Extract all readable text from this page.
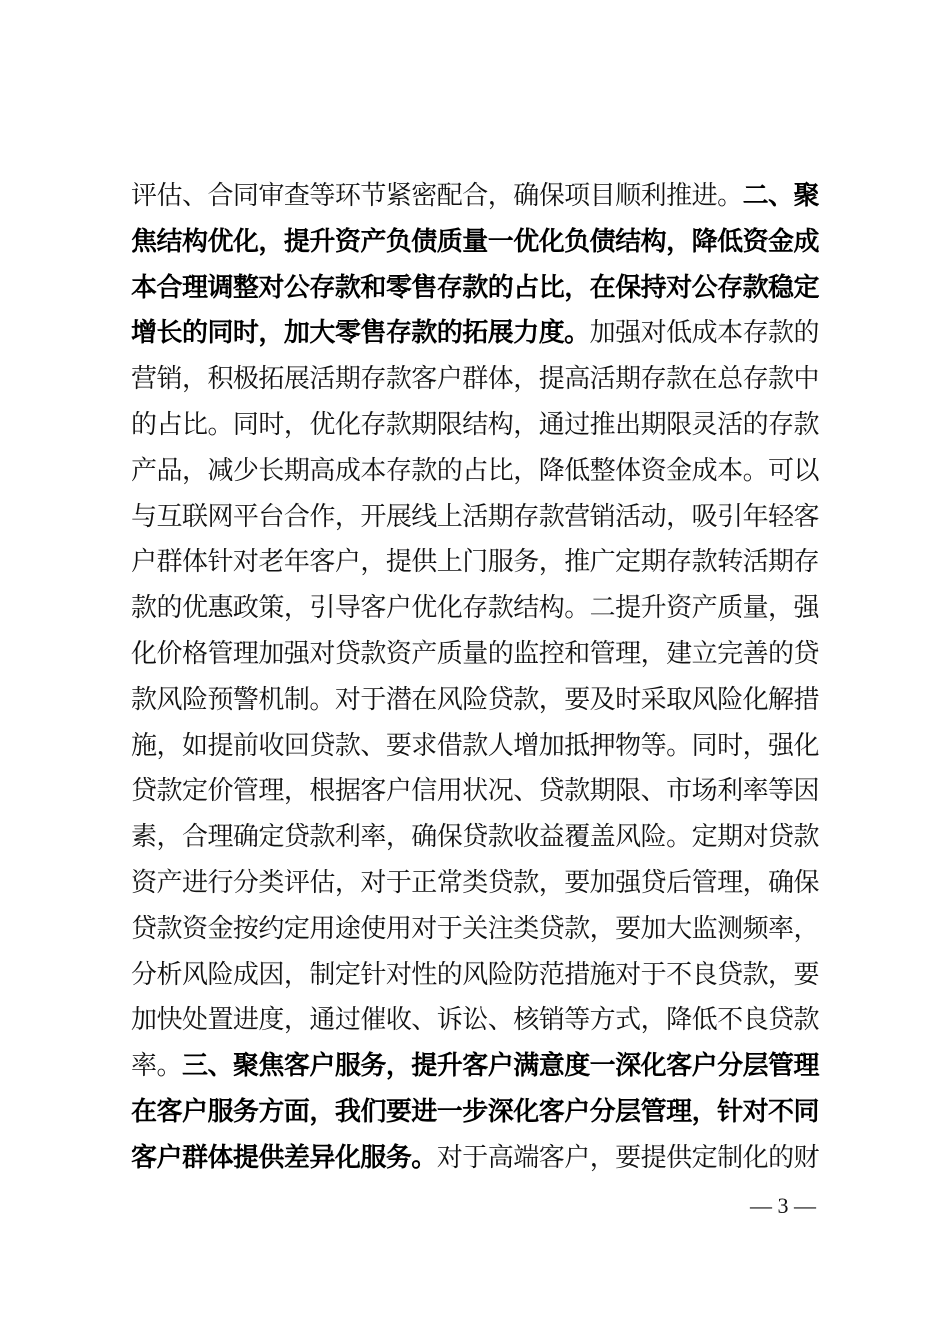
评估、合同审查等环节紧密配合，确保项目顺利推进。二、聚
焦结构优化，提升资产负债质量一优化负债结构，降低资金成
本合理调整对公存款和零售存款的占比，在保持对公存款稳定
增长的同时，加大零售存款的拓展力度。加强对低成本存款的
营销，积极拓展活期存款客户群体，提高活期存款在总存款中
的占比。同时，优化存款期限结构，通过推出期限灵活的存款
产品，减少长期高成本存款的占比，降低整体资金成本。可以
与互联网平台合作，开展线上活期存款营销活动，吸引年轻客
户群体针对老年客户，提供上门服务，推广定期存款转活期存
款的优惠政策，引导客户优化存款结构。二提升资产质量，强
化价格管理加强对贷款资产质量的监控和管理，建立完善的贷
款风险预警机制。对于潜在风险贷款，要及时采取风险化解措
施，如提前收回贷款、要求借款人增加抵押物等。同时，强化
贷款定价管理，根据客户信用状况、贷款期限、市场利率等因
素，合理确定贷款利率，确保贷款收益覆盖风险。定期对贷款
资产进行分类评估，对于正常类贷款，要加强贷后管理，确保
贷款资金按约定用途使用对于关注类贷款，要加大监测频率，
分析风险成因，制定针对性的风险防范措施对于不良贷款，要
加快处置进度，通过催收、诉讼、核销等方式，降低不良贷款
率。三、聚焦客户服务，提升客户满意度一深化客户分层管理
在客户服务方面，我们要进一步深化客户分层管理，针对不同
客户群体提供差异化服务。对于高端客户，要提供定制化的财
— 3 —
